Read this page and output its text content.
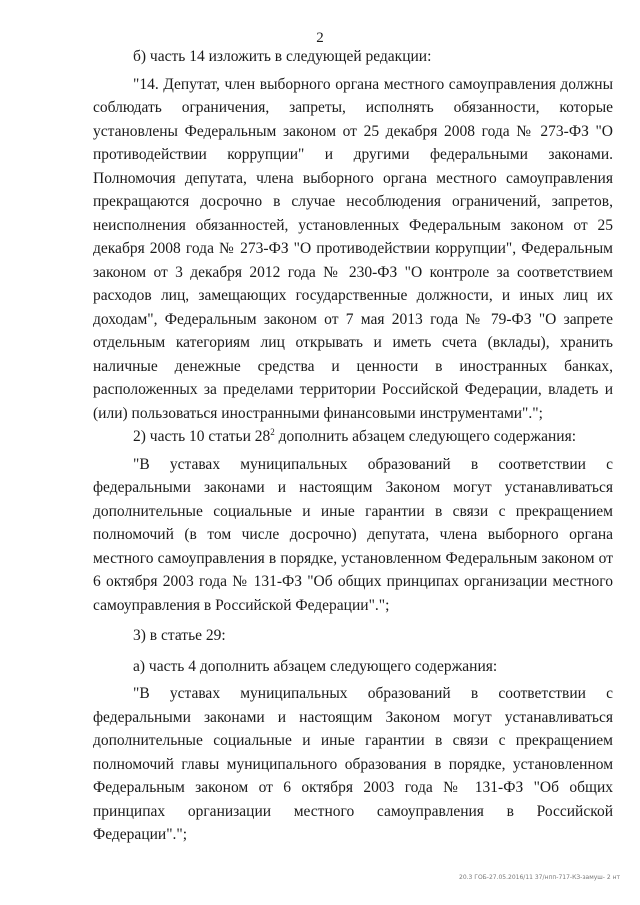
2

б) часть 14 изложить в следующей редакции:

"14. Депутат, член выборного органа местного самоуправления должны соблюдать ограничения, запреты, исполнять обязанности, которые установлены Федеральным законом от 25 декабря 2008 года № 273-ФЗ "О противодействии коррупции" и другими федеральными законами. Полномочия депутата, члена выборного органа местного самоуправления прекращаются досрочно в случае несоблюдения ограничений, запретов, неисполнения обязанностей, установленных Федеральным законом от 25 декабря 2008 года № 273-ФЗ "О противодействии коррупции", Федеральным законом от 3 декабря 2012 года № 230-ФЗ "О контроле за соответствием расходов лиц, замещающих государственные должности, и иных лиц их доходам", Федеральным законом от 7 мая 2013 года № 79-ФЗ "О запрете отдельным категориям лиц открывать и иметь счета (вклады), хранить наличные денежные средства и ценности в иностранных банках, расположенных за пределами территории Российской Федерации, владеть и (или) пользоваться иностранными финансовыми инструментами".";

2) часть 10 статьи $28^2$ дополнить абзацем следующего содержания:

"В уставах муниципальных образований в соответствии с федеральными законами и настоящим Законом могут устанавливаться дополнительные социальные и иные гарантии в связи с прекращением полномочий (в том числе досрочно) депутата, члена выборного органа местного самоуправления в порядке, установленном Федеральным законом от 6 октября 2003 года № 131-ФЗ "Об общих принципах организации местного самоуправления в Российской Федерации".";

3) в статье 29:

а) часть 4 дополнить абзацем следующего содержания:

"В уставах муниципальных образований в соответствии с федеральными законами и настоящим Законом могут устанавливаться дополнительные социальные и иные гарантии в связи с прекращением полномочий главы муниципального образования в порядке, установленном Федеральным законом от 6 октября 2003 года № 131-ФЗ "Об общих принципах организации местного самоуправления в Российской Федерации".";

20.3 ГОБ-27.05.2016/11 37/нпп-717-КЗ-замуш- 2 нт
